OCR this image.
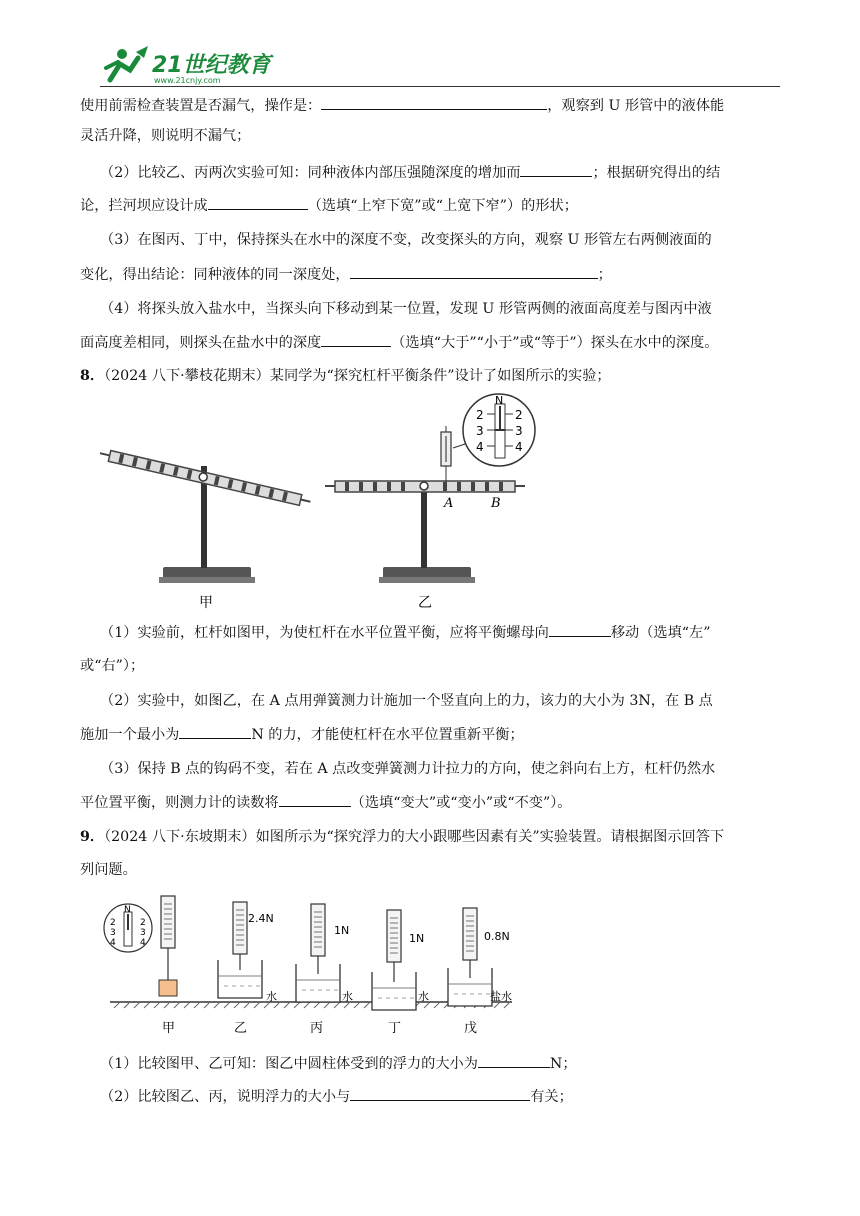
21世纪教育
www.21cnjy.com
使用前需检查装置是否漏气，操作是：	，观察到 U 形管中的液体能
灵活升降，则说明不漏气；
（2）比较乙、丙两次实验可知：同种液体内部压强随深度的增加而	；根据研究得出的结
论，拦河坝应设计成	（选填“上窄下宽”或“上宽下窄”）的形状；
（3）在图丙、丁中，保持探头在水中的深度不变，改变探头的方向，观察 U 形管左右两侧液面的
变化，得出结论：同种液体的同一深度处，	；
（4）将探头放入盐水中，当探头向下移动到某一位置，发现 U 形管两侧的液面高度差与图丙中液
面高度差相同，则探头在盐水中的深度	（选填“大于”“小于”或“等于”）探头在水中的深度。
8．（2024 八下·攀枝花期末）某同学为“探究杠杆平衡条件”设计了如图所示的实验；
甲
N
2
3
4
2
3
4
A	B
乙
（1）实验前，杠杆如图甲，为使杠杆在水平位置平衡，应将平衡螺母向	移动（选填“左”
或“右”）；
（2）实验中，如图乙，在 A 点用弹簧测力计施加一个竖直向上的力，该力的大小为 3N，在 B 点
施加一个最小为	N 的力，才能使杠杆在水平位置重新平衡；
（3）保持 B 点的钩码不变，若在 A 点改变弹簧测力计拉力的方向，使之斜向右上方，杠杆仍然水
平位置平衡，则测力计的读数将	（选填“变大”或“变小”或“不变”）。
9．（2024 八下·东坡期末）如图所示为“探究浮力的大小跟哪些因素有关”实验装置。请根据图示回答下
列问题。
N
2
3
4
2
3
4
甲	乙	丙	丁	戊
2.4N
1N
1N	0.8N
水	水	水	盐水
（1）比较图甲、乙可知：图乙中圆柱体受到的浮力的大小为	N；
（2）比较图乙、丙，说明浮力的大小与	有关；
